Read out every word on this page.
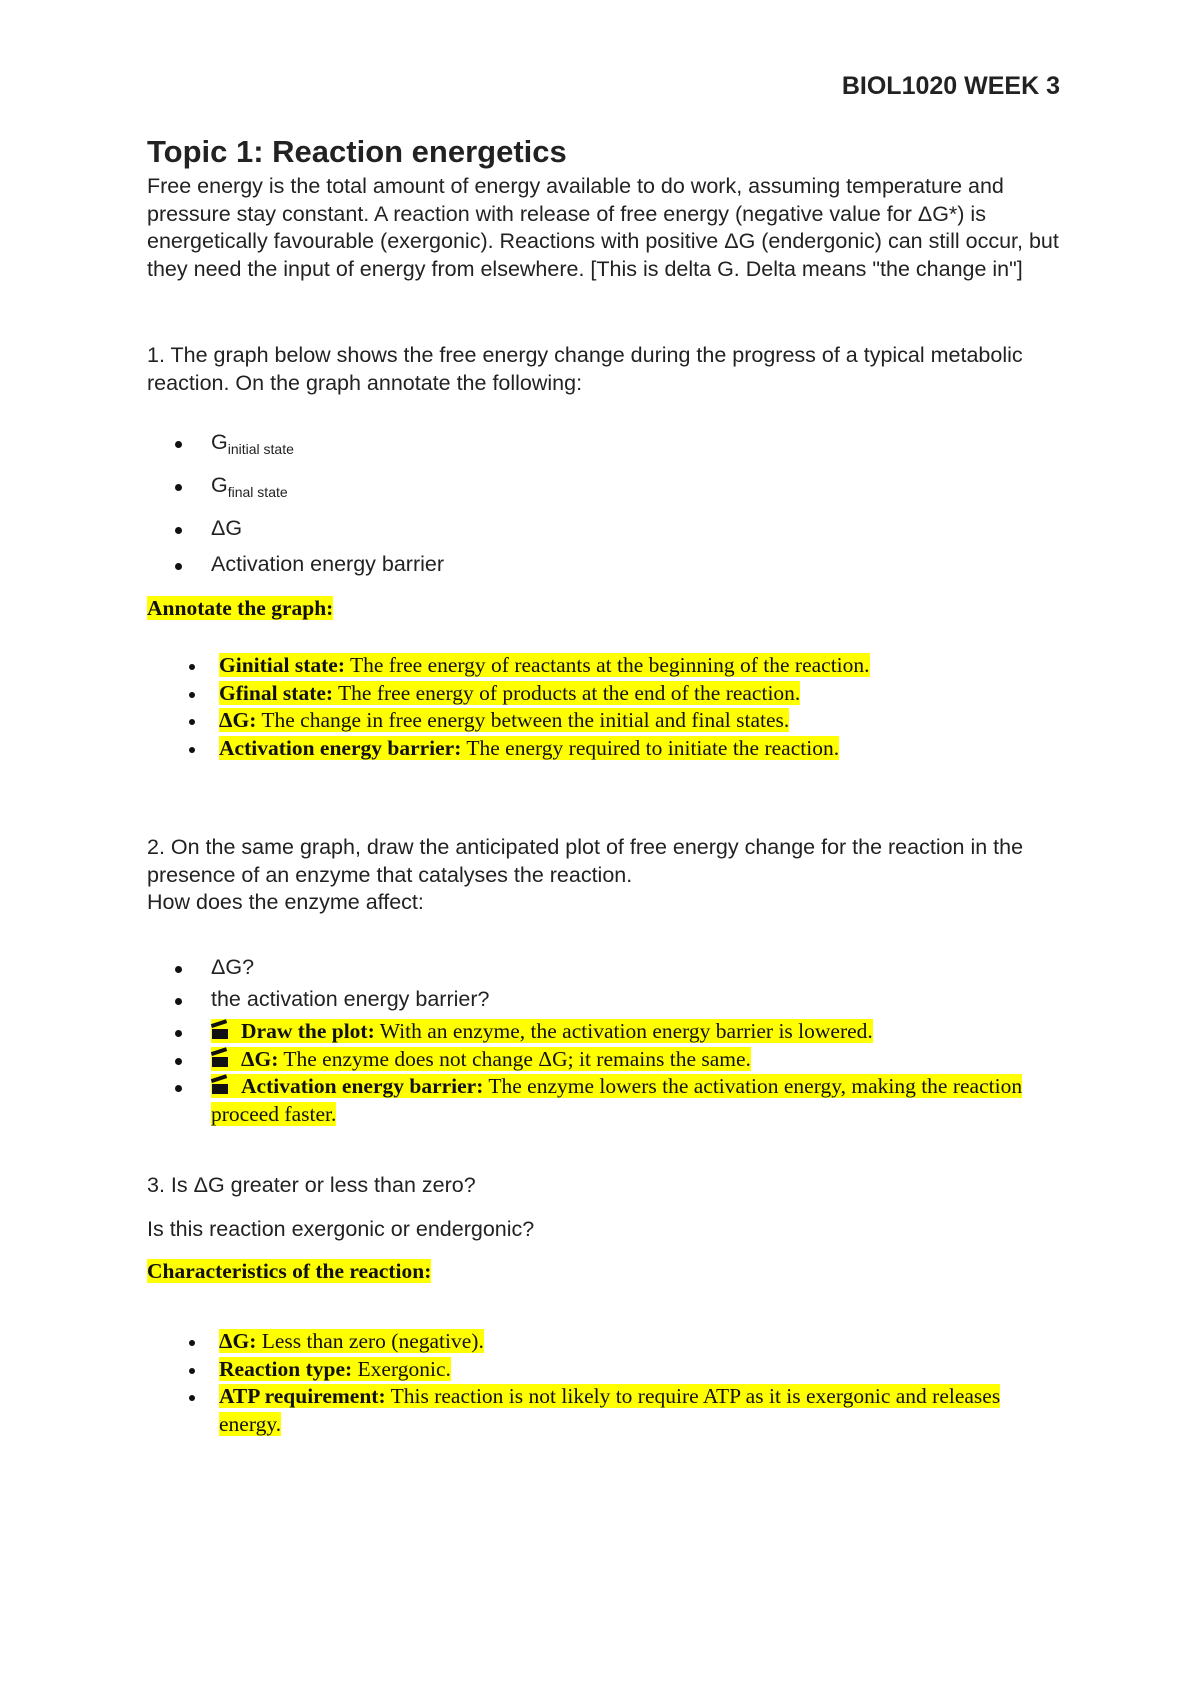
BIOL1020 WEEK 3
Topic 1: Reaction energetics
Free energy is the total amount of energy available to do work, assuming temperature and pressure stay constant. A reaction with release of free energy (negative value for ΔG*) is energetically favourable (exergonic). Reactions with positive ΔG (endergonic) can still occur, but they need the input of energy from elsewhere. [This is delta G. Delta means "the change in"]
1. The graph below shows the free energy change during the progress of a typical metabolic reaction. On the graph annotate the following:
$G_{initial state}$
$G_{final state}$
ΔG
Activation energy barrier
Annotate the graph:
Ginitial state: The free energy of reactants at the beginning of the reaction.
Gfinal state: The free energy of products at the end of the reaction.
ΔG: The change in free energy between the initial and final states.
Activation energy barrier: The energy required to initiate the reaction.
2. On the same graph, draw the anticipated plot of free energy change for the reaction in the presence of an enzyme that catalyses the reaction.
How does the enzyme affect:
ΔG?
the activation energy barrier?
Draw the plot: With an enzyme, the activation energy barrier is lowered.
ΔG: The enzyme does not change ΔG; it remains the same.
Activation energy barrier: The enzyme lowers the activation energy, making the reaction proceed faster.
3. Is ΔG greater or less than zero?
Is this reaction exergonic or endergonic?
Characteristics of the reaction:
ΔG: Less than zero (negative).
Reaction type: Exergonic.
ATP requirement: This reaction is not likely to require ATP as it is exergonic and releases energy.
